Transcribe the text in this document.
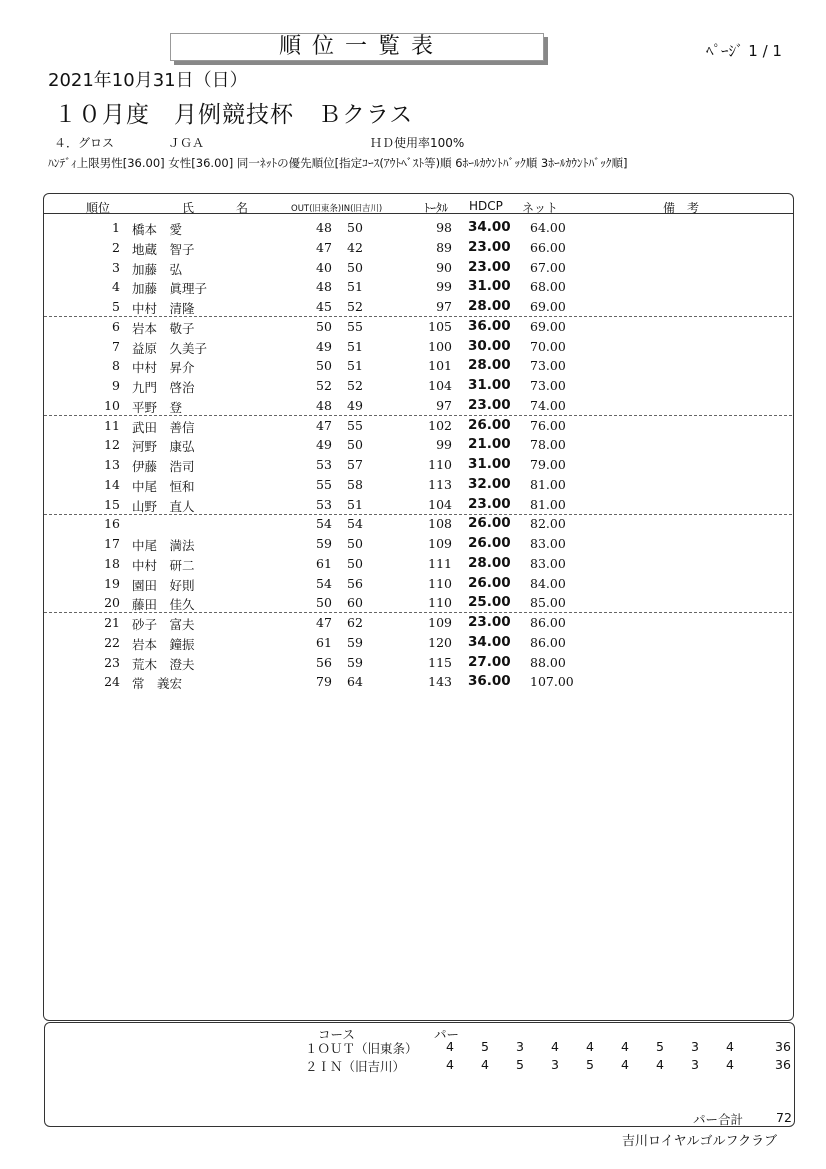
順 位 一 覧 表	ﾍﾟｰｼﾞ 1 / 1
2021年10月31日（日）
１０月度　月例競技杯　Ｂクラス
４．グロス	ＪＧＡ	ＨＤ使用率100%
ﾊﾝﾃﾞｨ上限男性[36.00] 女性[36.00] 同一ﾈｯﾄの優先順位[指定ｺｰｽ(ｱｳﾄﾍﾞｽﾄ等)順 6ﾎｰﾙｶｳﾝﾄﾊﾞｯｸ順 3ﾎｰﾙｶｳﾝﾄﾊﾞｯｸ順]
順位	氏	名	OUT(旧東条)IN(旧吉川)	ﾄｰﾀﾙ HDCP ネット	備　考
1 橋本　愛	48 50	98 34.00 64.00
2 地蔵　智子	47 42	89 23.00 66.00
3 加藤　弘	40 50	90 23.00 67.00
4 加藤　眞理子	48 51	99 31.00 68.00
5 中村　清隆	45 52	97 28.00 69.00
6 岩本　敬子	50 55	105 36.00 69.00
7 益原　久美子	49 51	100 30.00 70.00
8 中村　昇介	50 51	101 28.00 73.00
9 九門　啓治	52 52	104 31.00 73.00
10 平野　登	48 49	97 23.00 74.00
11 武田　善信	47 55	102 26.00 76.00
12 河野　康弘	49 50	99 21.00 78.00
13 伊藤　浩司	53 57	110 31.00 79.00
14 中尾　恒和	55 58	113 32.00 81.00
15 山野　直人	53 51	104 23.00 81.00
16	54 54	108 26.00 82.00
17 中尾　満法	59 50	109 26.00 83.00
18 中村　研二	61 50	111 28.00 83.00
19 園田　好則	54 56	110 26.00 84.00
20 藤田　佳久	50 60	110 25.00 85.00
21 砂子　富夫	47 62	109 23.00 86.00
22 岩本　鐘振	61 59	120 34.00 86.00
23 荒木　澄夫	56 59	115 27.00 88.00
24 常　義宏	79 64	143 36.00 107.00
コース	パー
１ＯＵＴ（旧東条） 4 5 3 4 4 4 5 3 4	36
２ＩＮ（旧吉川）	4 4 5 3 5 4 4 3 4	36
パー合計	72
吉川ロイヤルゴルフクラブ
